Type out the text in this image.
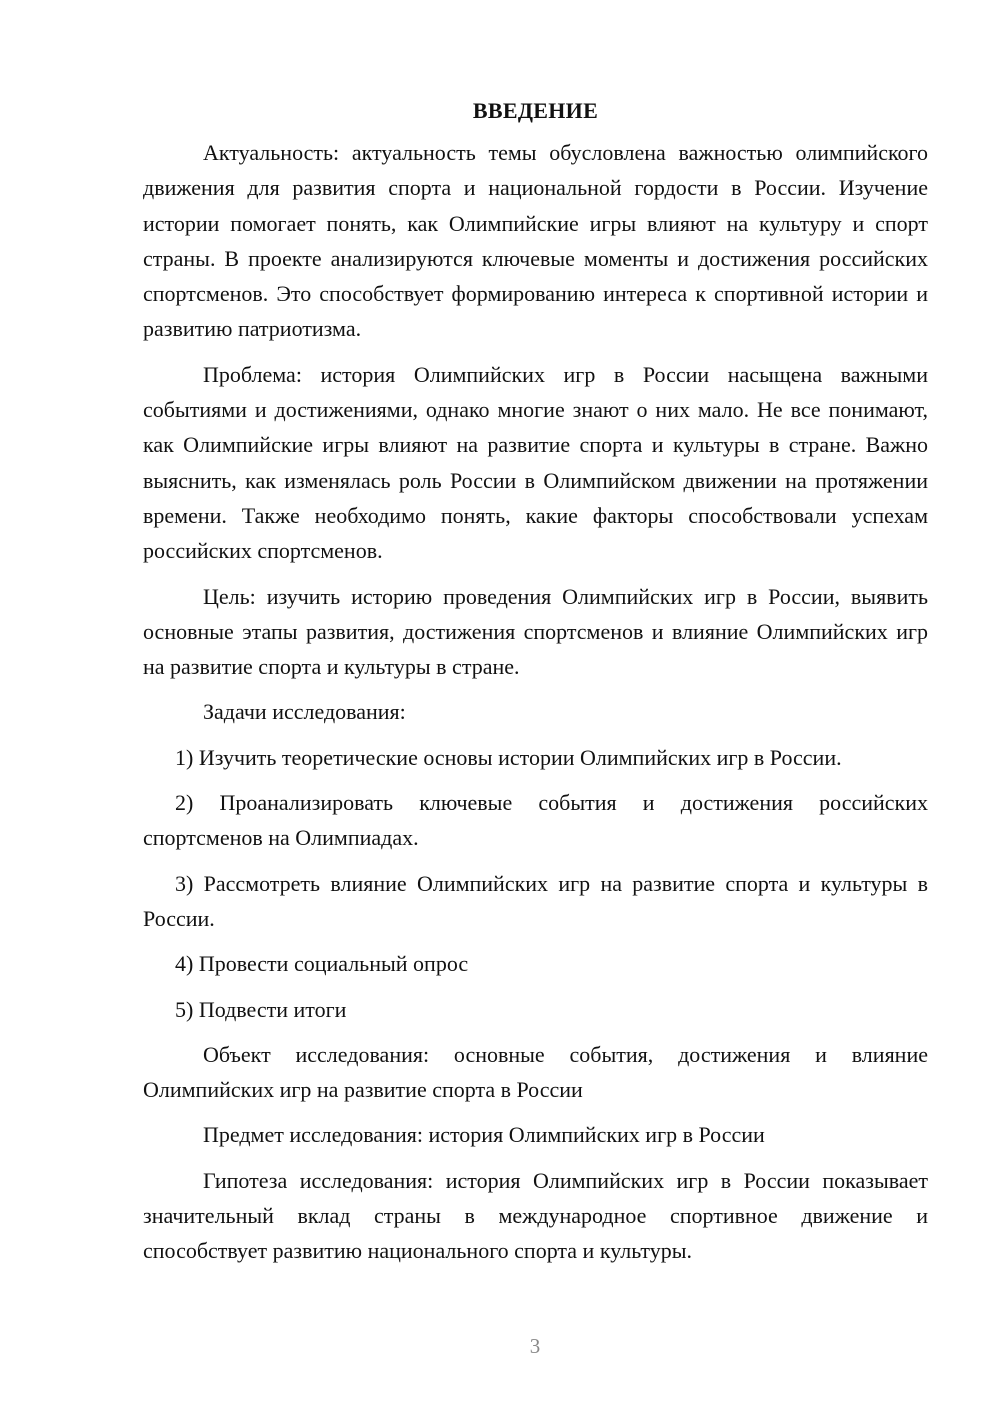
ВВЕДЕНИЕ

Актуальность: актуальность темы обусловлена важностью олимпийского движения для развития спорта и национальной гордости в России. Изучение истории помогает понять, как Олимпийские игры влияют на культуру и спорт страны. В проекте анализируются ключевые моменты и достижения российских спортсменов. Это способствует формированию интереса к спортивной истории и развитию патриотизма.

Проблема: история Олимпийских игр в России насыщена важными событиями и достижениями, однако многие знают о них мало. Не все понимают, как Олимпийские игры влияют на развитие спорта и культуры в стране. Важно выяснить, как изменялась роль России в Олимпийском движении на протяжении времени. Также необходимо понять, какие факторы способствовали успехам российских спортсменов.

Цель: изучить историю проведения Олимпийских игр в России, выявить основные этапы развития, достижения спортсменов и влияние Олимпийских игр на развитие спорта и культуры в стране.

Задачи исследования:

1) Изучить теоретические основы истории Олимпийских игр в России.

2) Проанализировать ключевые события и достижения российских спортсменов на Олимпиадах.

3) Рассмотреть влияние Олимпийских игр на развитие спорта и культуры в России.

4) Провести социальный опрос

5) Подвести итоги

Объект исследования: основные события, достижения и влияние Олимпийских игр на развитие спорта в России

Предмет исследования: история Олимпийских игр в России

Гипотеза исследования: история Олимпийских игр в России показывает значительный вклад страны в международное спортивное движение и способствует развитию национального спорта и культуры.

3
